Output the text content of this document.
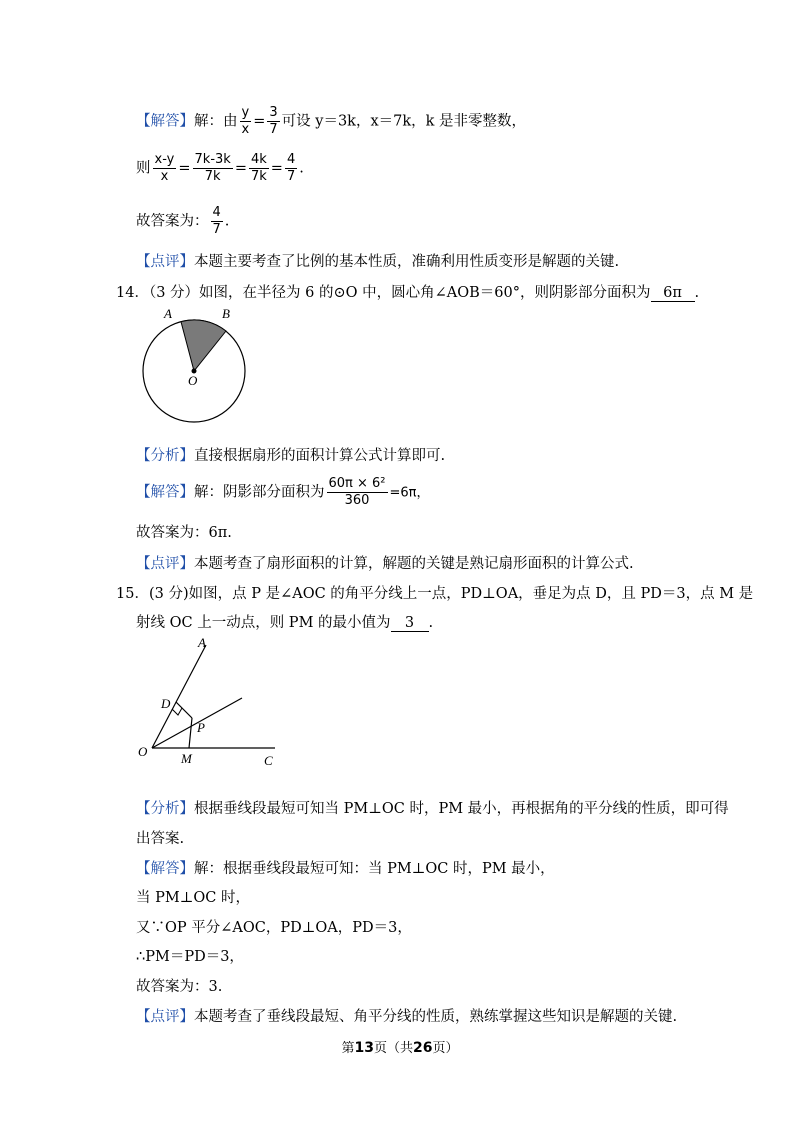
【解答】解：由 $\frac{y}{x} = \frac{3}{7}$ 可设 y＝3k，x＝7k，k 是非零整数，
则 $\frac{x-y}{x} = \frac{7k-3k}{7k} = \frac{4k}{7k} = \frac{4}{7}$ .
故答案为： $\frac{4}{7}$ .
【点评】本题主要考查了比例的基本性质，准确利用性质变形是解题的关键.
14．（3 分）如图，在半径为 6 的⊙O 中，圆心角∠AOB＝60°，则阴影部分面积为 6π .
A	B
O
【分析】直接根据扇形的面积计算公式计算即可.
【解答】解：阴影部分面积为 $\frac{\text{60π × 6²}}{360} =6\pi$，
故答案为：6π.
【点评】本题考查了扇形面积的计算，解题的关键是熟记扇形面积的计算公式.
15．(3 分)如图，点 P 是∠AOC 的角平分线上一点，PD⊥OA，垂足为点 D，且 PD＝3，点 M 是
射线 OC 上一动点，则 PM 的最小值为 3 .
A
D
P
O	M	C
【分析】根据垂线段最短可知当 PM⊥OC 时，PM 最小，再根据角的平分线的性质，即可得
出答案.
【解答】解：根据垂线段最短可知：当 PM⊥OC 时，PM 最小，
当 PM⊥OC 时，
又∵OP 平分∠AOC，PD⊥OA，PD＝3，
∴PM＝PD＝3，
故答案为：3.
【点评】本题考查了垂线段最短、角平分线的性质，熟练掌握这些知识是解题的关键.
第13页（共26页）
